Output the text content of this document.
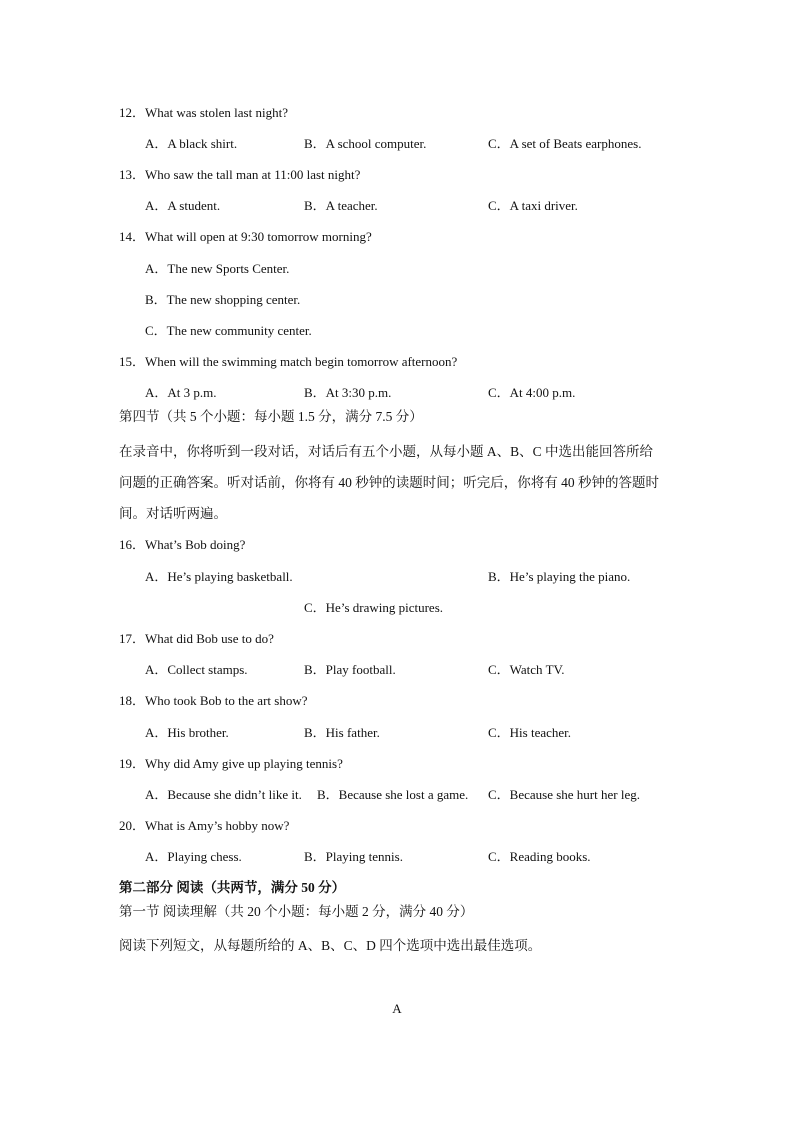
12．What was stolen last night?
A．A black shirt.	B．A school computer.	C．A set of Beats earphones.
13．Who saw the tall man at 11:00 last night?
A．A student.	B．A teacher.	C．A taxi driver.
14．What will open at 9:30 tomorrow morning?
A．The new Sports Center.
B．The new shopping center.
C．The new community center.
15．When will the swimming match begin tomorrow afternoon?
A．At 3 p.m.	B．At 3:30 p.m.	C．At 4:00 p.m.
第四节（共 5 个小题：每小题 1.5 分，满分 7.5 分）
在录音中，你将听到一段对话，对话后有五个小题，从每小题 A、B、C 中选出能回答所给
问题的正确答案。听对话前，你将有 40 秒钟的读题时间；听完后，你将有 40 秒钟的答题时
间。对话听两遍。
16．What’s Bob doing?
A．He’s playing basketball.	B．He’s playing the piano.
C．He’s drawing pictures.
17．What did Bob use to do?
A．Collect stamps.	B．Play football.	C．Watch TV.
18．Who took Bob to the art show?
A．His brother.	B．His father.	C．His teacher.
19．Why did Amy give up playing tennis?
A．Because she didn’t like it. B．Because she lost a game. C．Because she hurt her leg.
20．What is Amy’s hobby now?
A．Playing chess.	B．Playing tennis.	C．Reading books.
第二部分 阅读（共两节，满分 50 分）
第一节 阅读理解（共 20 个小题：每小题 2 分，满分 40 分）
阅读下列短文，从每题所给的 A、B、C、D 四个选项中选出最佳选项。
A
